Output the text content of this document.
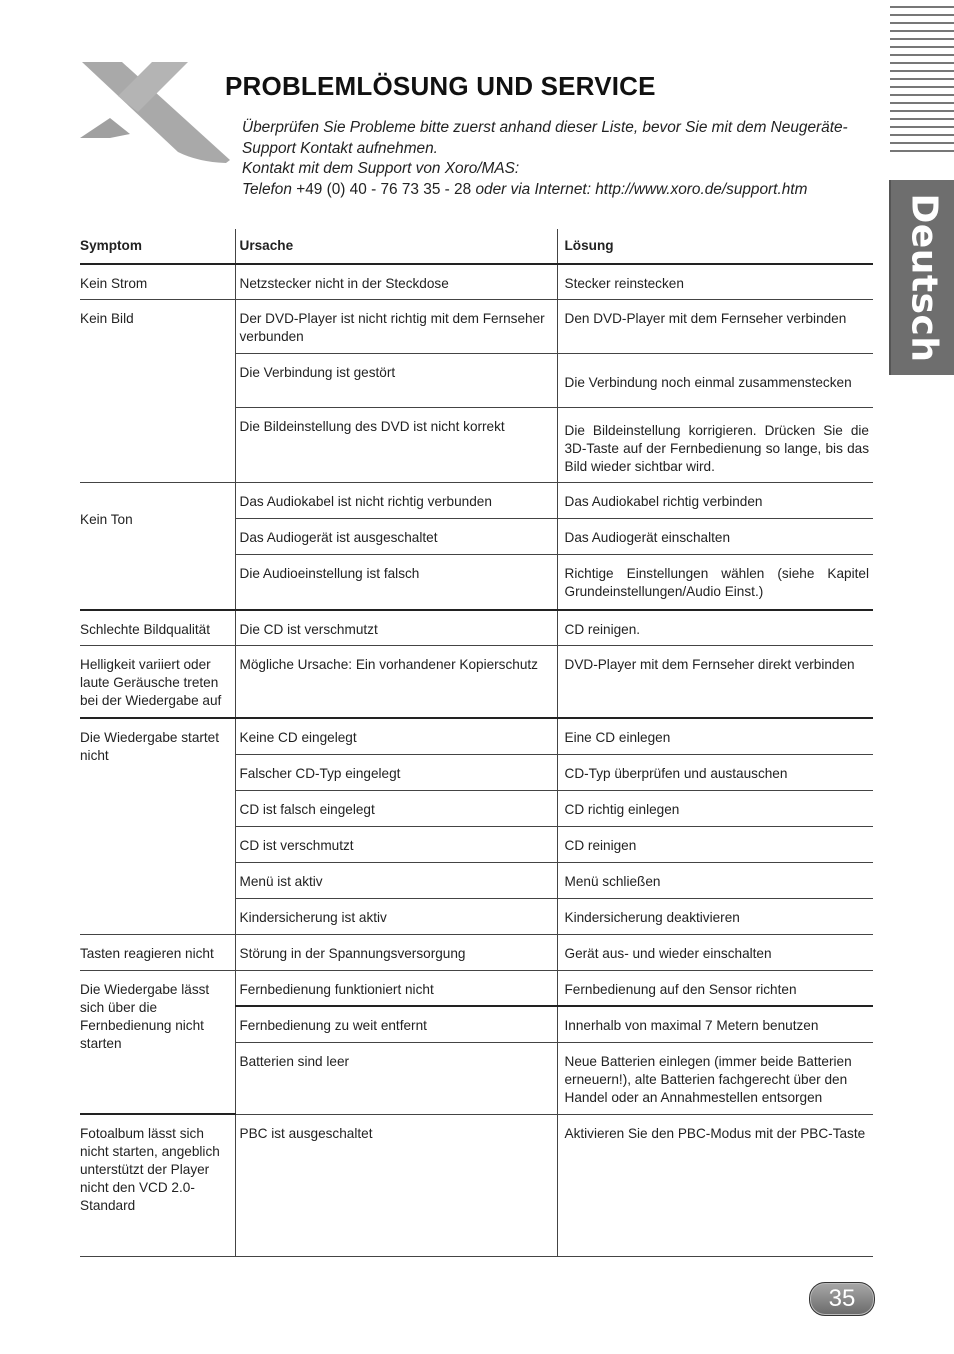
Deutsch
PROBLEMLÖSUNG UND SERVICE

Überprüfen Sie Probleme bitte zuerst anhand dieser Liste, bevor Sie mit dem Neugeräte-

Support Kontakt aufnehmen.

Kontakt mit dem Support von Xoro/MAS:

Telefon +49 (0) 40 - 76 73 35 - 28 oder via Internet: http://www.xoro.de/support.htm

Symptom	Ursache	Lösung
Kein Strom	Netzstecker nicht in der Steckdose	Stecker reinstecken
Kein Bild	Der DVD-Player ist nicht richtig mit dem Fernseher verbunden	Den DVD-Player mit dem Fernseher verbinden
	Die Verbindung ist gestört	Die Verbindung noch einmal zusammenstecken
	Die Bildeinstellung des DVD ist nicht korrekt	Die Bildeinstellung korrigieren. Drücken Sie die 3D-Taste auf der Fernbedienung so lange, bis das Bild wieder sichtbar wird.
Kein Ton	Das Audiokabel ist nicht richtig verbunden	Das Audiokabel richtig verbinden
	Das Audiogerät ist ausgeschaltet	Das Audiogerät einschalten
	Die Audioeinstellung ist falsch	Richtige Einstellungen wählen (siehe Kapitel Grundeinstellungen/Audio Einst.)
Schlechte Bildqualität	Die CD ist verschmutzt	CD reinigen.
Helligkeit variiert oder laute Geräusche treten bei der Wiedergabe auf	Mögliche Ursache: Ein vorhandener Kopierschutz	DVD-Player mit dem Fernseher direkt verbinden
Die Wiedergabe startet nicht	Keine CD eingelegt	Eine CD einlegen
	Falscher CD-Typ eingelegt	CD-Typ überprüfen und austauschen
	CD ist falsch eingelegt	CD richtig einlegen
	CD ist verschmutzt	CD reinigen
	Menü ist aktiv	Menü schließen
	Kindersicherung ist aktiv	Kindersicherung deaktivieren
Tasten reagieren nicht	Störung in der Spannungsversorgung	Gerät aus- und wieder einschalten
Die Wiedergabe lässt sich über die Fernbedienung nicht starten	Fernbedienung funktioniert nicht	Fernbedienung auf den Sensor richten
	Fernbedienung zu weit entfernt	Innerhalb von maximal 7 Metern benutzen
	Batterien sind leer	Neue Batterien einlegen (immer beide Batterien erneuern!), alte Batterien fachgerecht über den Handel oder an Annahmestellen entsorgen
Fotoalbum lässt sich nicht starten, angeblich unterstützt der Player nicht den VCD 2.0-Standard	PBC ist ausgeschaltet	Aktivieren Sie den PBC-Modus mit der PBC-Taste
35
